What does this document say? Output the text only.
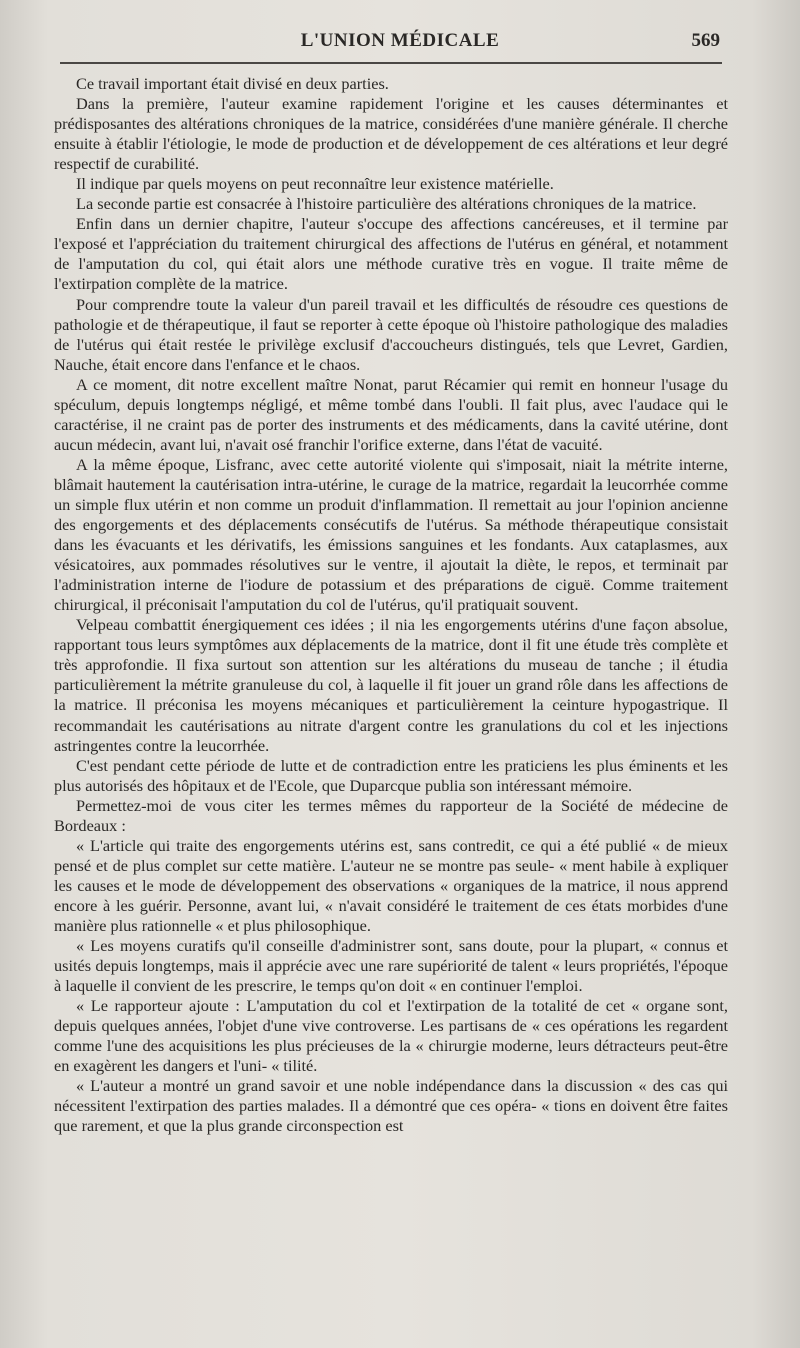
L'UNION MÉDICALE	569

Ce travail important était divisé en deux parties.

Dans la première, l'auteur examine rapidement l'origine et les causes déterminantes et prédisposantes des altérations chroniques de la matrice, considérées d'une manière générale. Il cherche ensuite à établir l'étiologie, le mode de production et de développement de ces altérations et leur degré respectif de curabilité.

Il indique par quels moyens on peut reconnaître leur existence matérielle.

La seconde partie est consacrée à l'histoire particulière des altérations chroniques de la matrice.

Enfin dans un dernier chapitre, l'auteur s'occupe des affections cancéreuses, et il termine par l'exposé et l'appréciation du traitement chirurgical des affections de l'utérus en général, et notamment de l'amputation du col, qui était alors une méthode curative très en vogue. Il traite même de l'extirpation complète de la matrice.

Pour comprendre toute la valeur d'un pareil travail et les difficultés de résoudre ces questions de pathologie et de thérapeutique, il faut se reporter à cette époque où l'histoire pathologique des maladies de l'utérus qui était restée le privilège exclusif d'accoucheurs distingués, tels que Levret, Gardien, Nauche, était encore dans l'enfance et le chaos.

A ce moment, dit notre excellent maître Nonat, parut Récamier qui remit en honneur l'usage du spéculum, depuis longtemps négligé, et même tombé dans l'oubli. Il fait plus, avec l'audace qui le caractérise, il ne craint pas de porter des instruments et des médicaments, dans la cavité utérine, dont aucun médecin, avant lui, n'avait osé franchir l'orifice externe, dans l'état de vacuité.

A la même époque, Lisfranc, avec cette autorité violente qui s'imposait, niait la métrite interne, blâmait hautement la cautérisation intra-utérine, le curage de la matrice, regardait la leucorrhée comme un simple flux utérin et non comme un produit d'inflammation. Il remettait au jour l'opinion ancienne des engorgements et des déplacements consécutifs de l'utérus. Sa méthode thérapeutique consistait dans les évacuants et les dérivatifs, les émissions sanguines et les fondants. Aux cataplasmes, aux vésicatoires, aux pommades résolutives sur le ventre, il ajoutait la diète, le repos, et terminait par l'administration interne de l'iodure de potassium et des préparations de ciguë. Comme traitement chirurgical, il préconisait l'amputation du col de l'utérus, qu'il pratiquait souvent.

Velpeau combattit énergiquement ces idées ; il nia les engorgements utérins d'une façon absolue, rapportant tous leurs symptômes aux déplacements de la matrice, dont il fit une étude très complète et très approfondie. Il fixa surtout son attention sur les altérations du museau de tanche ; il étudia particulièrement la métrite granuleuse du col, à laquelle il fit jouer un grand rôle dans les affections de la matrice. Il préconisa les moyens mécaniques et particulièrement la ceinture hypogastrique. Il recommandait les cautérisations au nitrate d'argent contre les granulations du col et les injections astringentes contre la leucorrhée.

C'est pendant cette période de lutte et de contradiction entre les praticiens les plus éminents et les plus autorisés des hôpitaux et de l'Ecole, que Duparcque publia son intéressant mémoire.

Permettez-moi de vous citer les termes mêmes du rapporteur de la Société de médecine de Bordeaux :

« L'article qui traite des engorgements utérins est, sans contredit, ce qui a été publié « de mieux pensé et de plus complet sur cette matière. L'auteur ne se montre pas seule- « ment habile à expliquer les causes et le mode de développement des observations « organiques de la matrice, il nous apprend encore à les guérir. Personne, avant lui, « n'avait considéré le traitement de ces états morbides d'une manière plus rationnelle « et plus philosophique.

« Les moyens curatifs qu'il conseille d'administrer sont, sans doute, pour la plupart, « connus et usités depuis longtemps, mais il apprécie avec une rare supériorité de talent « leurs propriétés, l'époque à laquelle il convient de les prescrire, le temps qu'on doit « en continuer l'emploi.

« Le rapporteur ajoute : L'amputation du col et l'extirpation de la totalité de cet « organe sont, depuis quelques années, l'objet d'une vive controverse. Les partisans de « ces opérations les regardent comme l'une des acquisitions les plus précieuses de la « chirurgie moderne, leurs détracteurs peut-être en exagèrent les dangers et l'uni- « tilité.

« L'auteur a montré un grand savoir et une noble indépendance dans la discussion « des cas qui nécessitent l'extirpation des parties malades. Il a démontré que ces opéra- « tions en doivent être faites que rarement, et que la plus grande circonspection est
